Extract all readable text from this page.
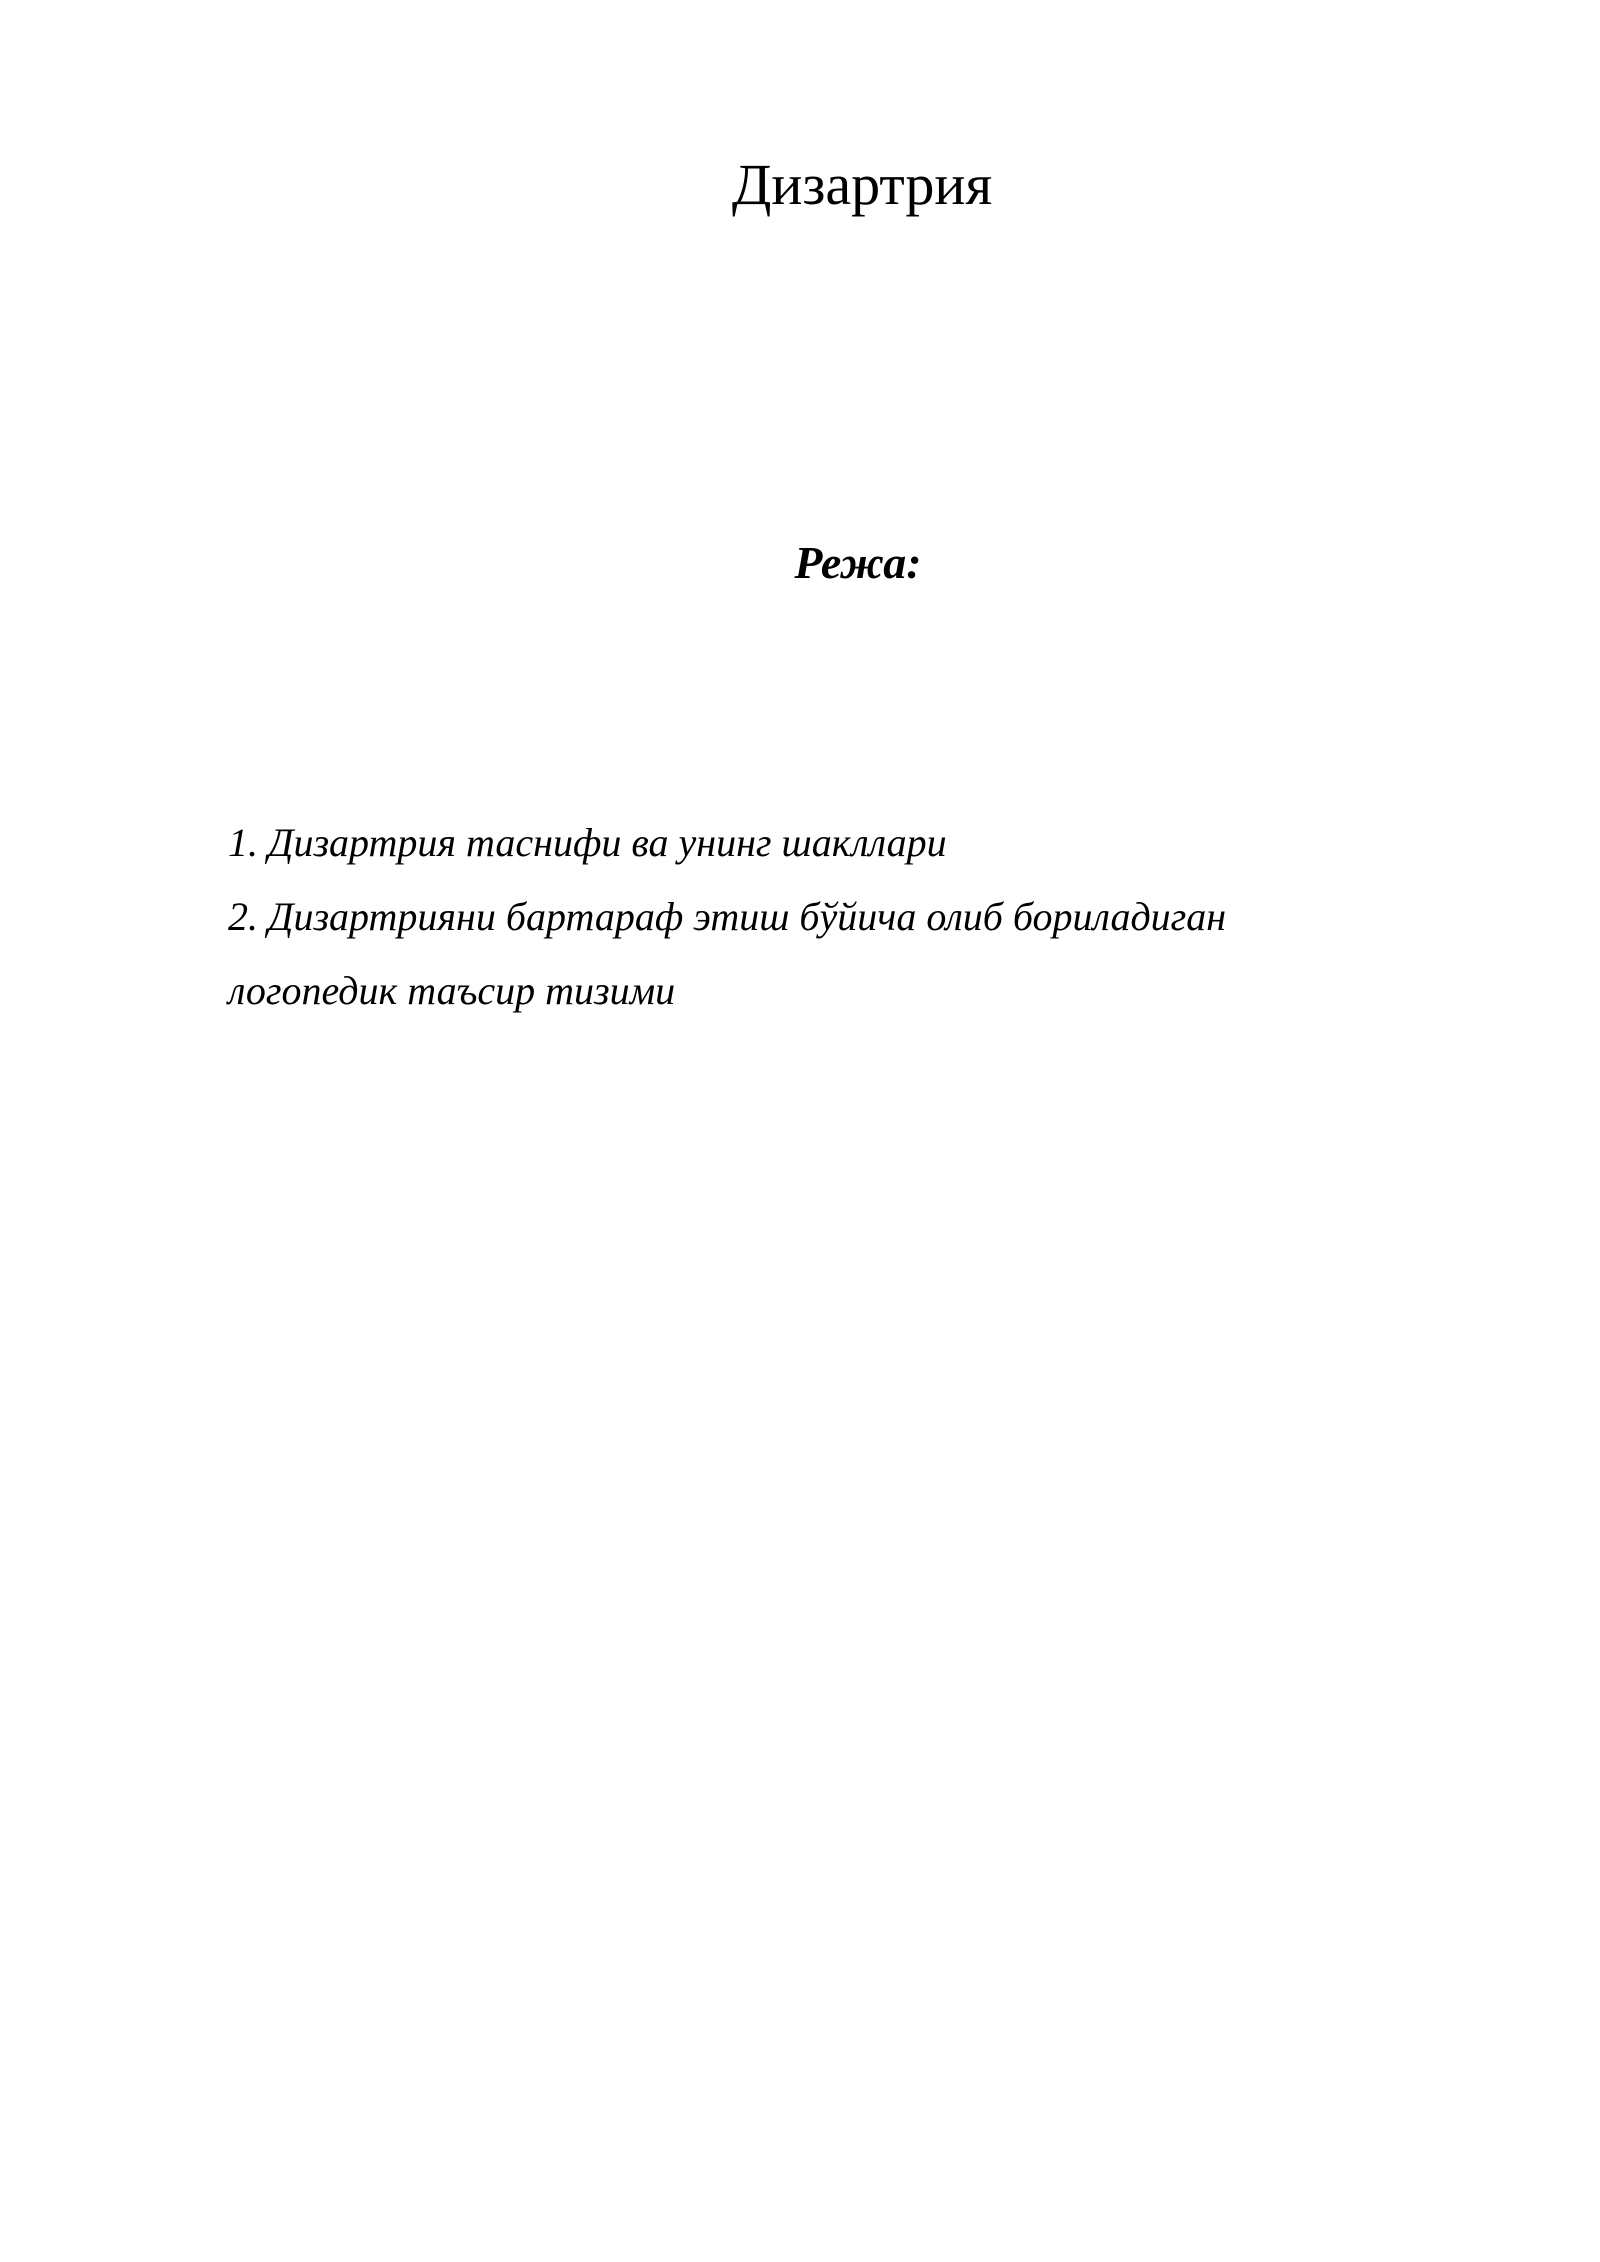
Дизартрия
Режа:
1. Дизартрия таснифи ва унинг шакллари
2. Дизартрияни бартараф этиш бўйича олиб бориладиган
логопедик таъсир тизими
